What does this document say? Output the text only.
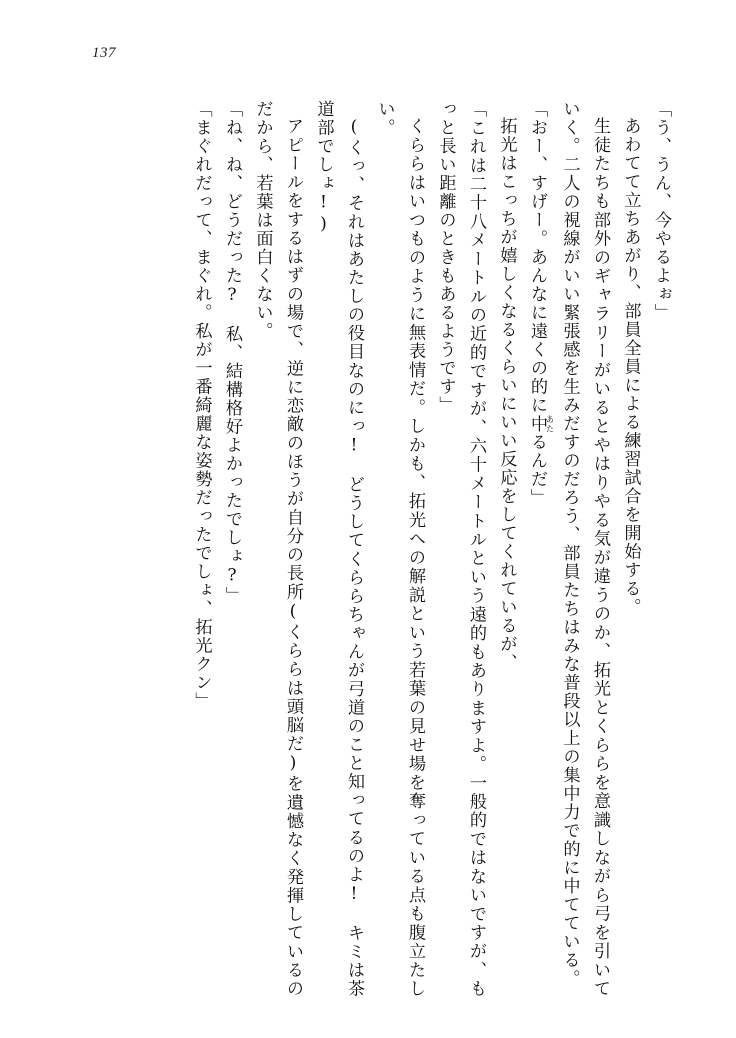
137

「う、うん、今やるよぉ」

あわてて立ちあがり、部員全員による練習試合を開始する。

生徒たちも部外のギャラリーがいるとやはりやる気が違うのか、拓光とくららを意識しながら弓を引いていく。二人の視線がいい緊張感を生みだすのだろう、部員たちはみな普段以上の集中力で的に中てている。

「おー、すげー。あんなに遠くの的に中あたるんだ」

拓光はこっちが嬉しくなるくらいにいい反応をしてくれているが、

「これは二十八メートルの近的ですが、六十メートルという遠的もありますよ。一般的ではないですが、もっと長い距離のときもあるようです」

くららはいつものように無表情だ。しかも、拓光への解説という若葉の見せ場を奪っている点も腹立たしい。

(くっ、それはあたしの役目なのにっ!　どうしてくららちゃんが弓道のこと知ってるのよ!　キミは茶道部でしょ!)

アピールをするはずの場で、逆に恋敵のほうが自分の長所(くららは頭脳だ)を遺憾なく発揮しているのだから、若葉は面白くない。

「ね、ね、どうだった?　私、結構格好よかったでしょ?」

「まぐれだって、まぐれ。私が一番綺麗な姿勢だったでしょ、拓光クン」
